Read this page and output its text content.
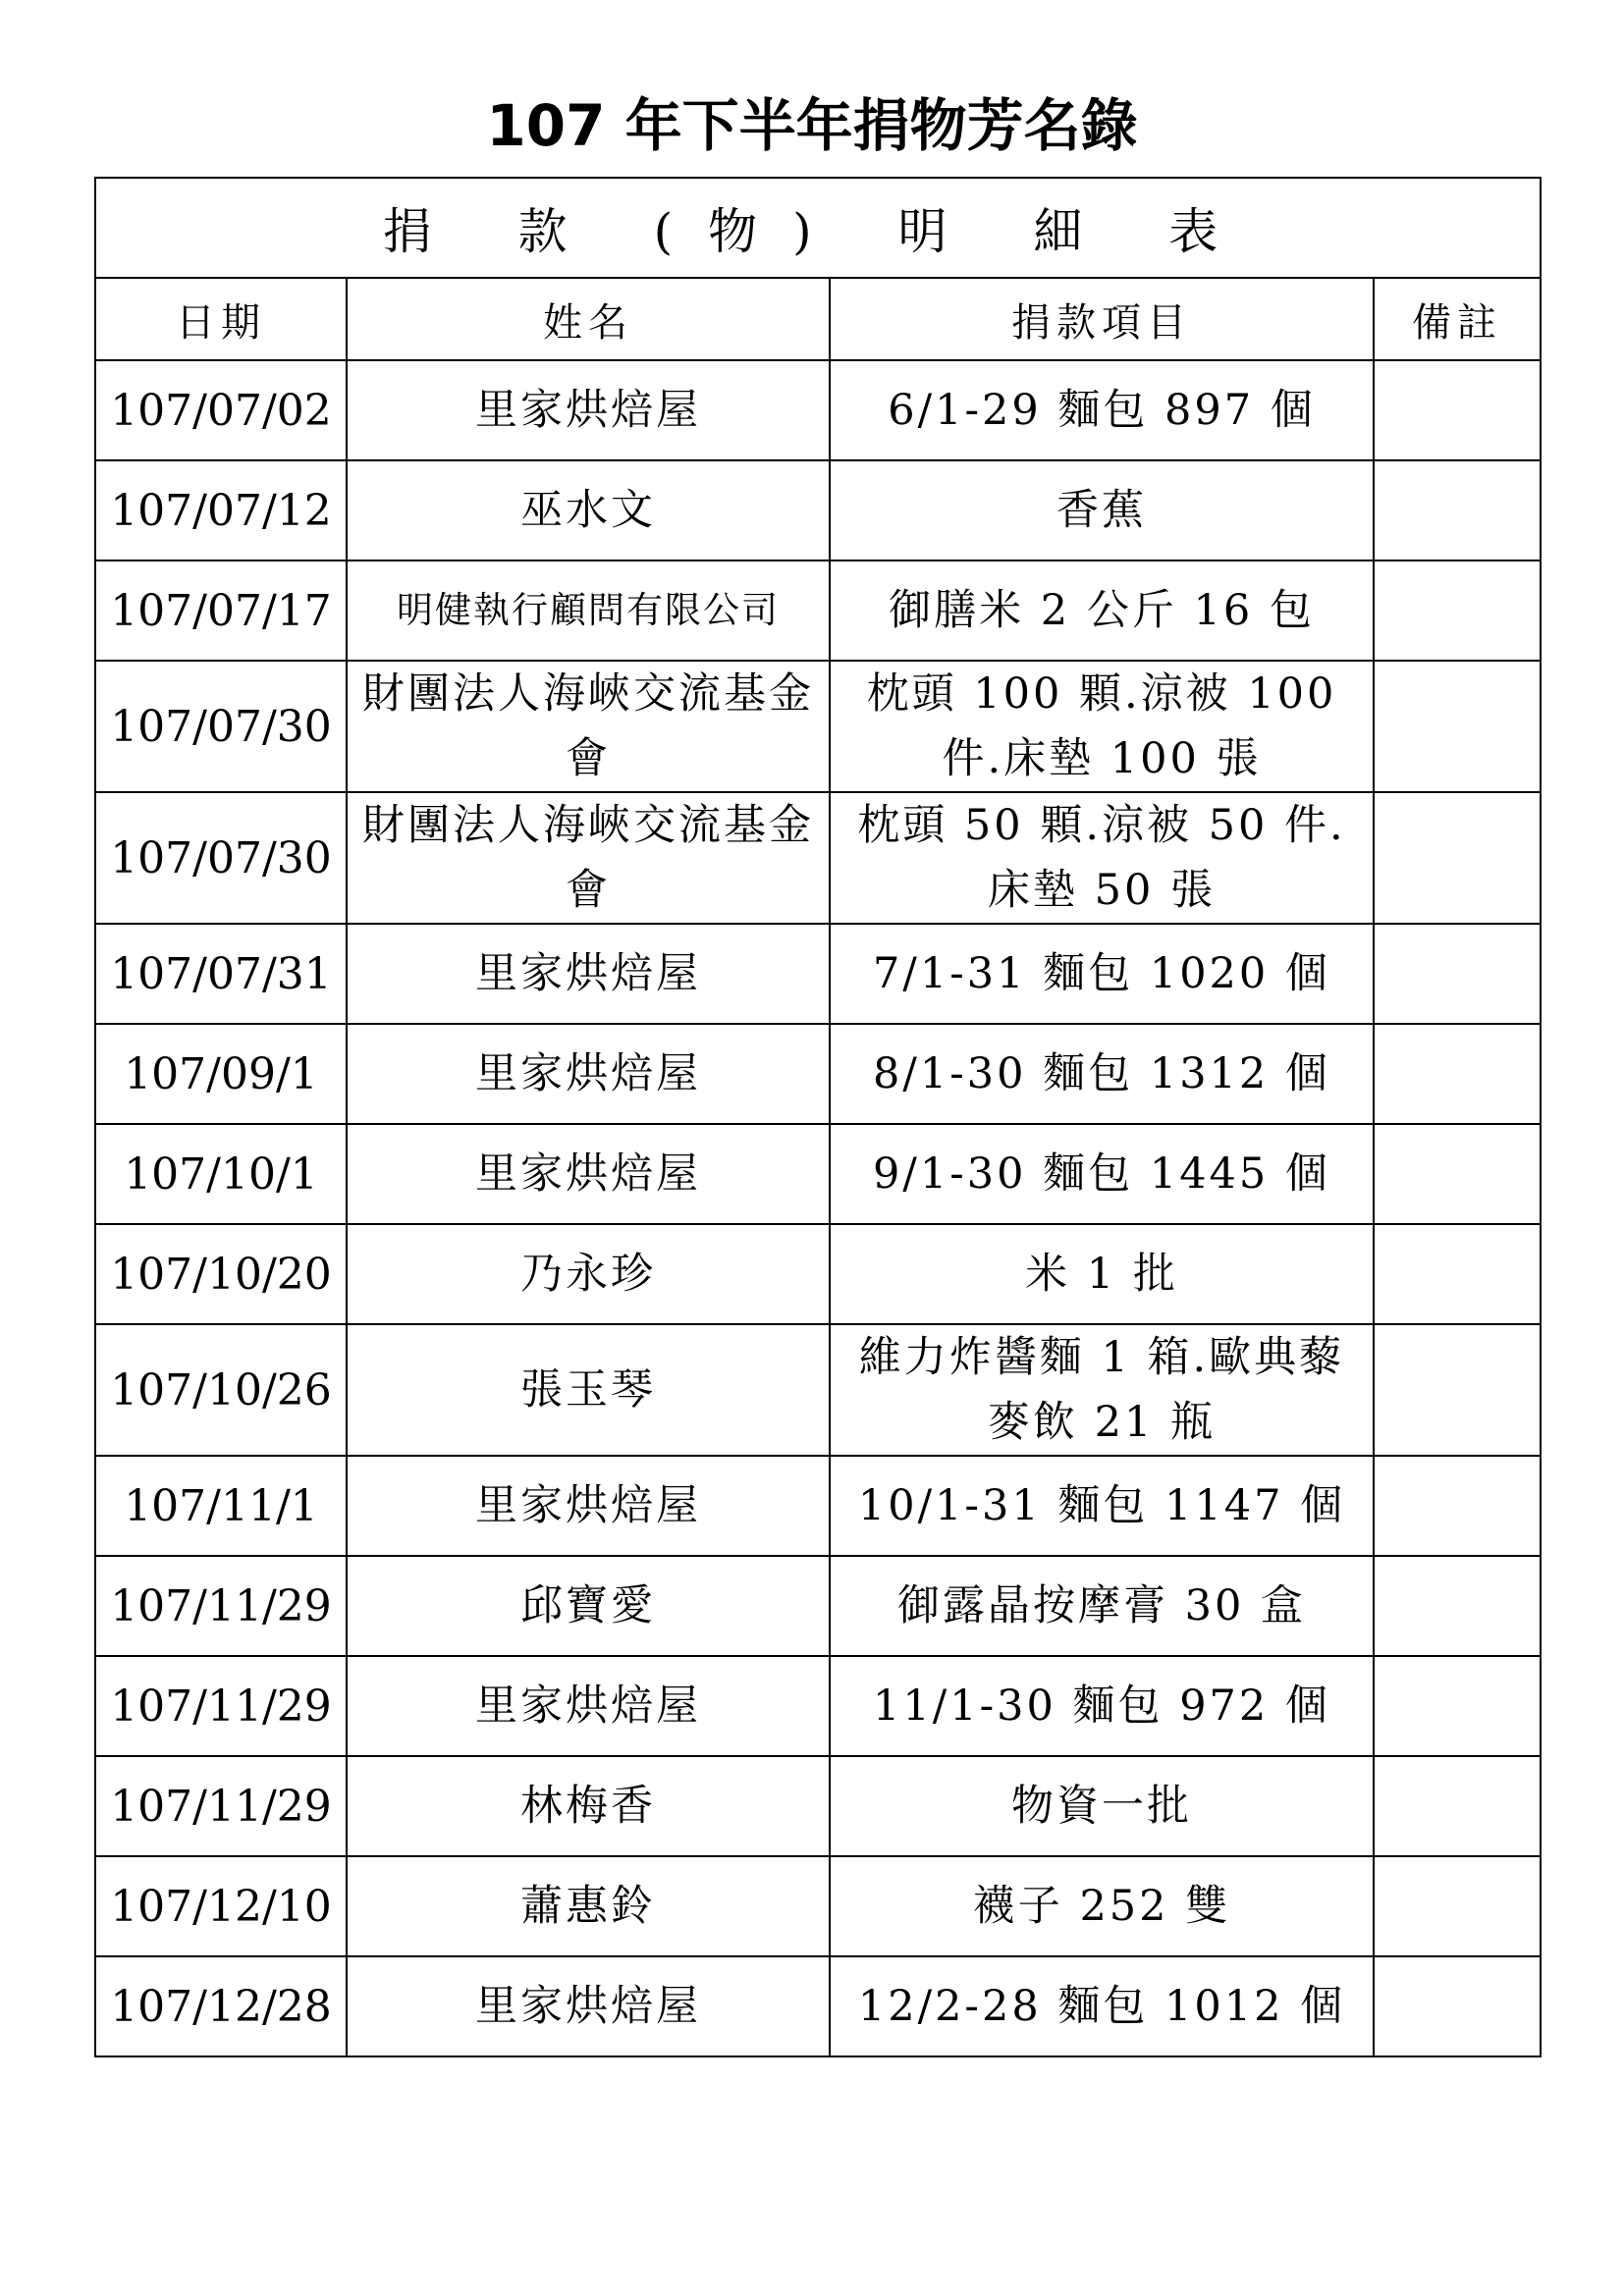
107 年下半年捐物芳名錄
捐 款 (物) 明 細 表			
日期	姓名	捐款項目	備註
107/07/02	里家烘焙屋	6/1-29 麵包 897 個	
107/07/12	巫水文	香蕉	
107/07/17	明健執行顧問有限公司	御膳米 2 公斤 16 包	
107/07/30	財團法人海峽交流基金會	枕頭 100 顆.涼被 100 件.床墊 100 張	
107/07/30	財團法人海峽交流基金會	枕頭 50 顆.涼被 50 件.床墊 50 張	
107/07/31	里家烘焙屋	7/1-31 麵包 1020 個	
107/09/1	里家烘焙屋	8/1-30 麵包 1312 個	
107/10/1	里家烘焙屋	9/1-30 麵包 1445 個	
107/10/20	乃永珍	米 1 批	
107/10/26	張玉琴	維力炸醬麵 1 箱.歐典藜麥飲 21 瓶	
107/11/1	里家烘焙屋	10/1-31 麵包 1147 個	
107/11/29	邱寶愛	御露晶按摩膏 30 盒	
107/11/29	里家烘焙屋	11/1-30 麵包 972 個	
107/11/29	林梅香	物資一批	
107/12/10	蕭惠鈴	襪子 252 雙	
107/12/28	里家烘焙屋	12/2-28 麵包 1012 個	
